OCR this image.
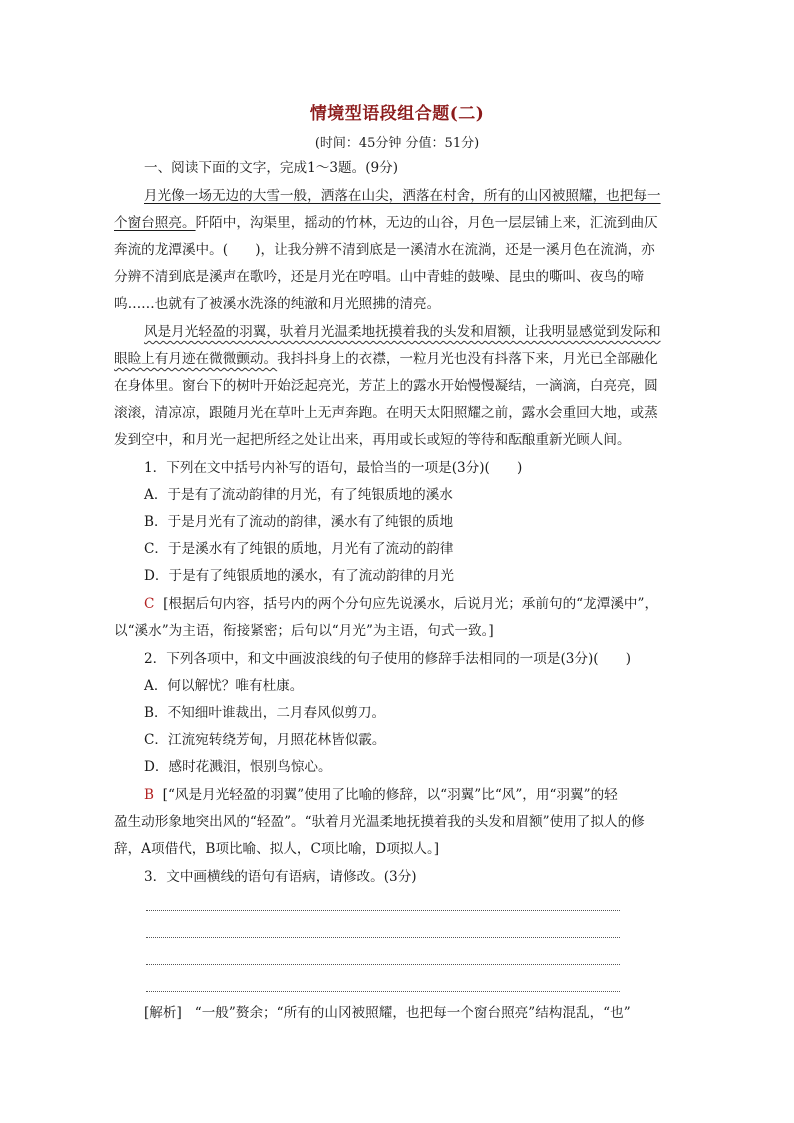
情境型语段组合题(二)
(时间：45分钟 分值：51分)
一、阅读下面的文字，完成1～3题。(9分)
月光像一场无边的大雪一般，洒落在山尖，洒落在村舍，所有的山冈被照耀，也把每一
个窗台照亮。阡陌中，沟渠里，摇动的竹林，无边的山谷，月色一层层铺上来，汇流到曲仄
奔流的龙潭溪中。(　　)，让我分辨不清到底是一溪清水在流淌，还是一溪月色在流淌，亦
分辨不清到底是溪声在歌吟，还是月光在哼唱。山中青蛙的鼓噪、昆虫的嘶叫、夜鸟的啼
呜……也就有了被溪水洗涤的纯澈和月光照拂的清亮。
风是月光轻盈的羽翼，驮着月光温柔地抚摸着我的头发和眉额，让我明显感觉到发际和
眼睑上有月迹在微微颤动。我抖抖身上的衣襟，一粒月光也没有抖落下来，月光已全部融化
在身体里。窗台下的树叶开始泛起亮光，芳芷上的露水开始慢慢凝结，一滴滴，白亮亮，圆
滚滚，清凉凉，跟随月光在草叶上无声奔跑。在明天太阳照耀之前，露水会重回大地，或蒸
发到空中，和月光一起把所经之处让出来，再用或长或短的等待和酝酿重新光顾人间。
1．下列在文中括号内补写的语句，最恰当的一项是(3分)(　　)
A．于是有了流动韵律的月光，有了纯银质地的溪水
B．于是月光有了流动的韵律，溪水有了纯银的质地
C．于是溪水有了纯银的质地，月光有了流动的韵律
D．于是有了纯银质地的溪水，有了流动韵律的月光
C [根据后句内容，括号内的两个分句应先说溪水，后说月光；承前句的“龙潭溪中”，
以“溪水”为主语，衔接紧密；后句以“月光”为主语，句式一致。]
2．下列各项中，和文中画波浪线的句子使用的修辞手法相同的一项是(3分)(　　)
A．何以解忧？唯有杜康。
B．不知细叶谁裁出，二月春风似剪刀。
C．江流宛转绕芳甸，月照花林皆似霰。
D．感时花溅泪，恨别鸟惊心。
B [“风是月光轻盈的羽翼”使用了比喻的修辞，以“羽翼”比“风”，用“羽翼”的轻
盈生动形象地突出风的“轻盈”。“驮着月光温柔地抚摸着我的头发和眉额”使用了拟人的修
辞，A项借代，B项比喻、拟人，C项比喻，D项拟人。]
3．文中画横线的语句有语病，请修改。(3分)
[解析] “一般”赘余；“所有的山冈被照耀，也把每一个窗台照亮”结构混乱，“也”
